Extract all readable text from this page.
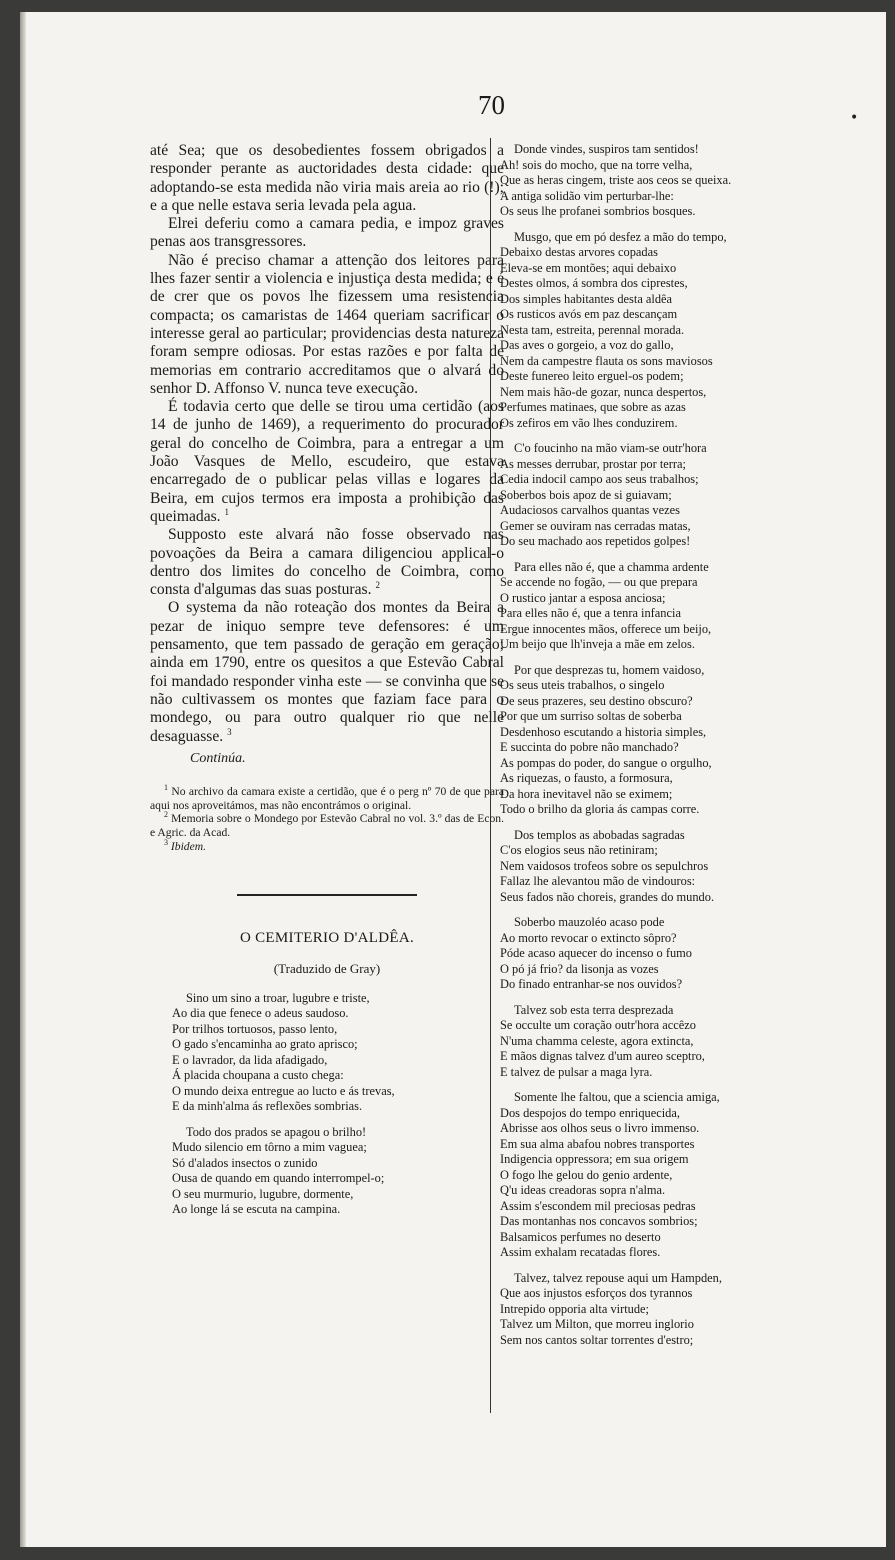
70	•

até Sea; que os desobedientes fossem obrigados a responder perante as auctoridades desta cidade: que adoptando-se esta medida não viria mais areia ao rio (!); e a que nelle estava seria levada pela agua.

Elrei deferiu como a camara pedia, e impoz graves penas aos transgressores.

Não é preciso chamar a attenção dos leitores para lhes fazer sentir a violencia e injustiça desta medida; e é de crer que os povos lhe fizessem uma resistencia compacta; os camaristas de 1464 queriam sacrificar o interesse geral ao particular; providencias desta natureza foram sempre odiosas. Por estas razões e por falta de memorias em contrario accreditamos que o alvará do senhor D. Affonso V. nunca teve execução.

É todavia certo que delle se tirou uma certidão (aos 14 de junho de 1469), a requerimento do procurador geral do concelho de Coimbra, para a entregar a um João Vasques de Mello, escudeiro, que estava encarregado de o publicar pelas villas e logares da Beira, em cujos termos era imposta a prohibição das queimadas. $^1$

Supposto este alvará não fosse observado nas povoações da Beira a camara diligenciou applical-o dentro dos limites do concelho de Coimbra, como consta d'algumas das suas posturas. $^2$

O systema da não roteação dos montes da Beira a pezar de iniquo sempre teve defensores: é um pensamento, que tem passado de geração em geração; ainda em 1790, entre os quesitos a que Estevão Cabral foi mandado responder vinha este — se convinha que se não cultivassem os montes que faziam face para o mondego, ou para outro qualquer rio que nelle desaguasse. $^3$

Continúa.

$^1$ No archivo da camara existe a certidão, que é o perg nº 70 de que para aqui nos aproveitámos, mas não encontrámos o original.

$^2$ Memoria sobre o Mondego por Estevão Cabral no vol. 3.º das de Econ. e Agric. da Acad.

$^3$ Ibidem.

O CEMITERIO D'ALDÊA.
(Traduzido de Gray)
Sino um sino a troar, lugubre e triste,
Ao dia que fenece o adeus saudoso.
Por trilhos tortuosos, passo lento,
O gado s'encaminha ao grato aprisco;
E o lavrador, da lida afadigado,
Á placida choupana a custo chega:
O mundo deixa entregue ao lucto e ás trevas,
E da minh'alma ás reflexões sombrias.
Todo dos prados se apagou o brilho!
Mudo silencio em tôrno a mim vaguea;
Só d'alados insectos o zunido
Ousa de quando em quando interrompel-o;
O seu murmurio, lugubre, dormente,
Ao longe lá se escuta na campina.
Donde vindes, suspiros tam sentidos!
Ah! sois do mocho, que na torre velha,
Que as heras cingem, triste aos ceos se queixa.
A antiga solidão vim perturbar-lhe:
Os seus lhe profanei sombrios bosques.
Musgo, que em pó desfez a mão do tempo,
Debaixo destas arvores copadas
Eleva-se em montões; aqui debaixo
Destes olmos, á sombra dos ciprestes,
Dos simples habitantes desta aldêa
Os rusticos avós em paz descançam
Nesta tam, estreita, perennal morada.
Das aves o gorgeio, a voz do gallo,
Nem da campestre flauta os sons maviosos
Deste funereo leito erguel-os podem;
Nem mais hão-de gozar, nunca despertos,
Perfumes matinaes, que sobre as azas
Os zefiros em vão lhes conduzirem.
C'o foucinho na mão viam-se outr'hora
As messes derrubar, prostar por terra;
Cedia indocil campo aos seus trabalhos;
Soberbos bois apoz de si guiavam;
Audaciosos carvalhos quantas vezes
Gemer se ouviram nas cerradas matas,
Do seu machado aos repetidos golpes!
Para elles não é, que a chamma ardente
Se accende no fogão, — ou que prepara
O rustico jantar a esposa anciosa;
Para elles não é, que a tenra infancia
Ergue innocentes mãos, offerece um beijo,
Um beijo que lh'inveja a mãe em zelos.
Por que desprezas tu, homem vaidoso,
Os seus uteis trabalhos, o singelo
De seus prazeres, seu destino obscuro?
Por que um surriso soltas de soberba
Desdenhoso escutando a historia simples,
E succinta do pobre não manchado?
As pompas do poder, do sangue o orgulho,
As riquezas, o fausto, a formosura,
Da hora inevitavel não se eximem;
Todo o brilho da gloria ás campas corre.
Dos templos as abobadas sagradas
C'os elogios seus não retiniram;
Nem vaidosos trofeos sobre os sepulchros
Fallaz lhe alevantou mão de vindouros:
Seus fados não choreis, grandes do mundo.
Soberbo mauzoléo acaso pode
Ao morto revocar o extincto sôpro?
Póde acaso aquecer do incenso o fumo
O pó já frio? da lisonja as vozes
Do finado entranhar-se nos ouvidos?
Talvez sob esta terra desprezada
Se occulte um coração outr'hora accêzo
N'uma chamma celeste, agora extincta,
E mãos dignas talvez d'um aureo sceptro,
E talvez de pulsar a maga lyra.
Somente lhe faltou, que a sciencia amiga,
Dos despojos do tempo enriquecida,
Abrisse aos olhos seus o livro immenso.
Em sua alma abafou nobres transportes
Indigencia oppressora; em sua origem
O fogo lhe gelou do genio ardente,
Q'u ideas creadoras sopra n'alma.
Assim s'escondem mil preciosas pedras
Das montanhas nos concavos sombrios;
Balsamicos perfumes no deserto
Assim exhalam recatadas flores.
Talvez, talvez repouse aqui um Hampden,
Que aos injustos esforços dos tyrannos
Intrepido opporia alta virtude;
Talvez um Milton, que morreu inglorio
Sem nos cantos soltar torrentes d'estro;
